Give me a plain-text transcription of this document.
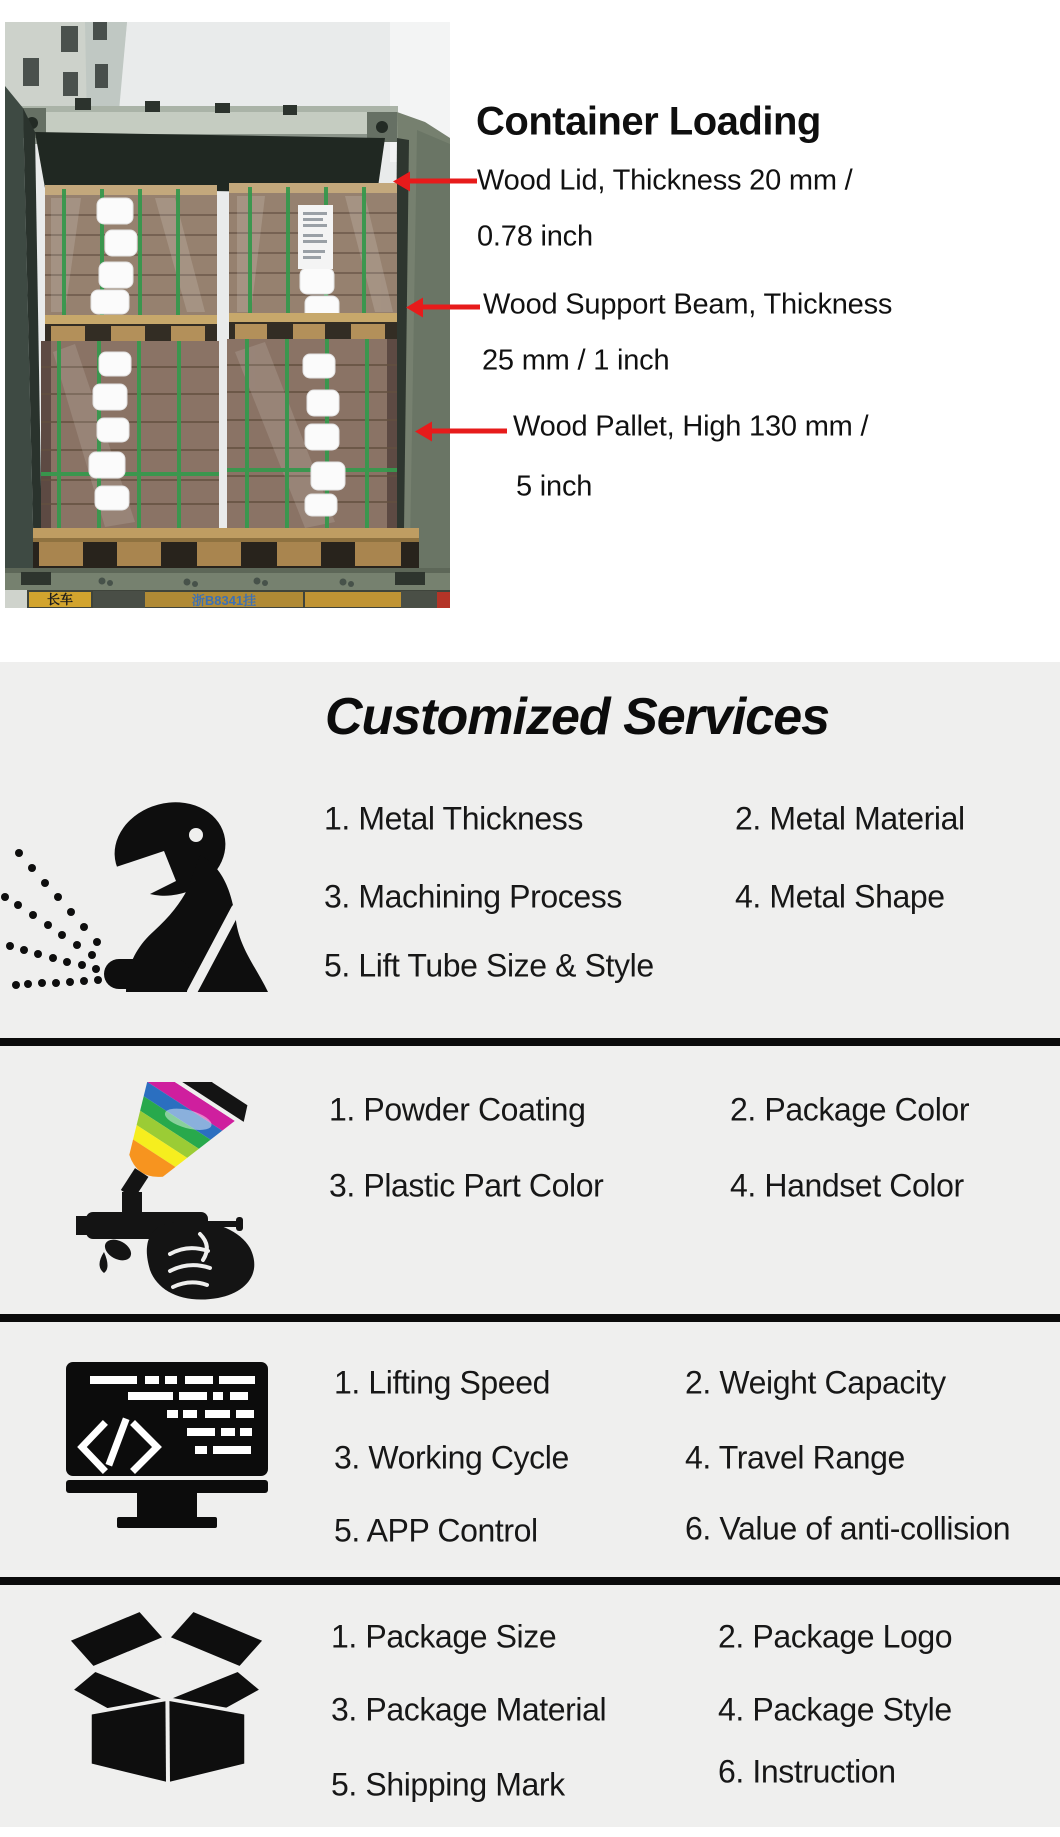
长车	浙B8341挂
Container Loading
Wood Lid, Thickness 20 mm /
0.78 inch
Wood Support Beam, Thickness
25 mm / 1 inch
Wood Pallet, High 130 mm /
5 inch
Customized Services
1. Metal Thickness	2. Metal Material
3. Machining Process	4. Metal Shape
5. Lift Tube Size & Style
1. Powder Coating	2. Package Color
3. Plastic Part Color	4. Handset Color
1. Lifting Speed	2. Weight Capacity
3. Working Cycle	4. Travel Range
5. APP Control	6. Value of anti-collision
1. Package Size	2. Package Logo
3. Package Material	4. Package Style
5. Shipping Mark	6. Instruction
